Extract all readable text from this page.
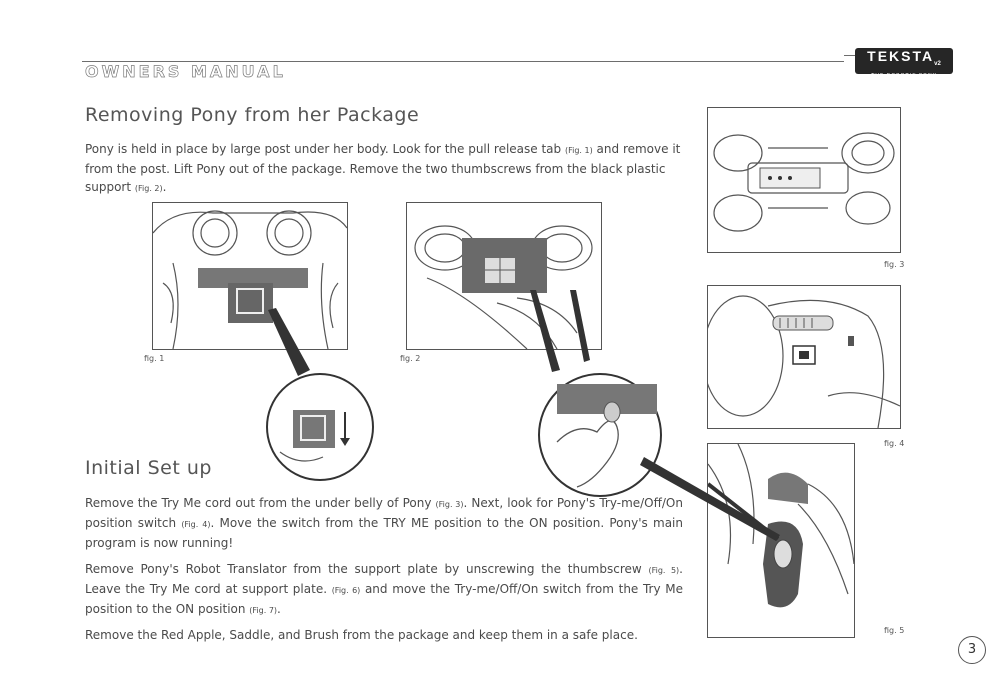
OWNERS MANUAL
$TEKSTA_{v2}$
THE ROBOTIC PONY
Removing Pony from her Package

Pony is held in place by large post under her body. Look for the pull release tab (Fig. 1) and remove it from the post. Lift Pony out of the package. Remove the two thumbscrews from the black plastic support (Fig. 2).

fig. 1	fig. 2
fig. 3
fig. 4
fig. 5
Initial Set up

Remove the Try Me cord out from the under belly of Pony (Fig. 3). Next, look for Pony's Try-me/Off/On position switch (Fig. 4). Move the switch from the TRY ME position to the ON position. Pony's main program is now running!

Remove Pony's Robot Translator from the support plate by unscrewing the thumbscrew (Fig. 5). Leave the Try Me cord at support plate. (Fig. 6) and move the Try-me/Off/On switch from the Try Me position to the ON position (Fig. 7).

Remove the Red Apple, Saddle, and Brush from the package and keep them in a safe place.

3
